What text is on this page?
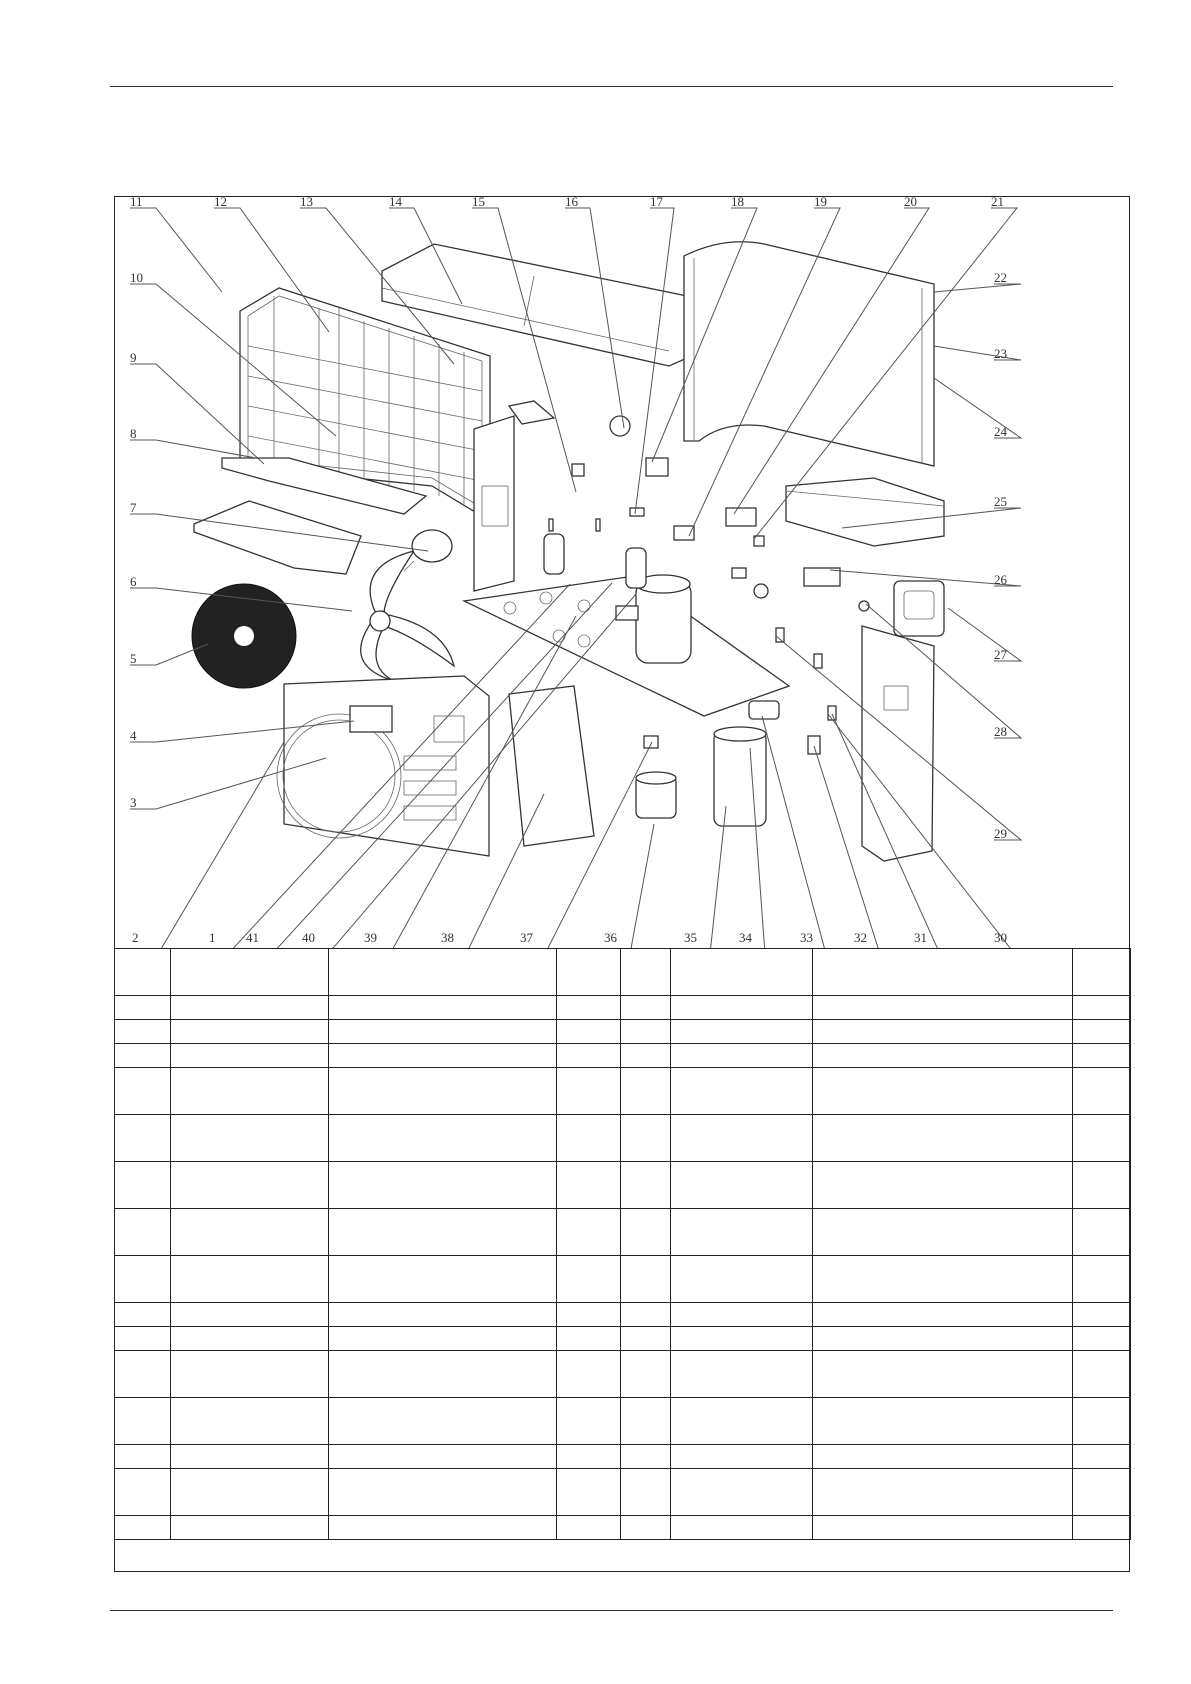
11	12	13	14	15	16	17	18	19	20	21
10
9
8
7
6
5
4
3
22
23
24
25
26
27
28
29
30
2	1 41	40	39	38	37	36	35	34	33	32	31
